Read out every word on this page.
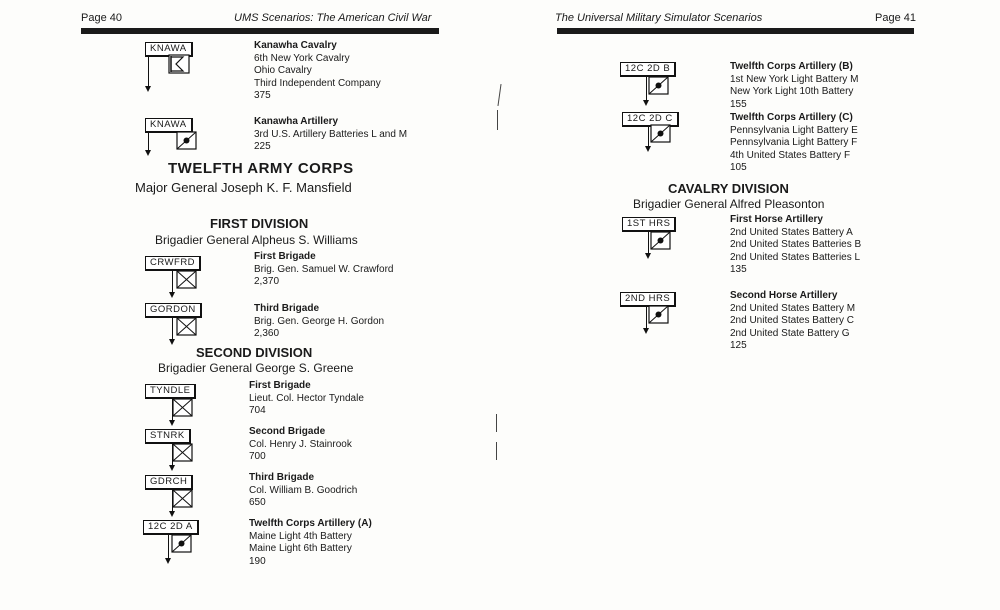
Page 40	UMS Scenarios: The American Civil War
KNAWA	Kanawha Cavalry
6th New York Cavalry
Ohio Cavalry
Third Independent Company
375
KNAWA	Kanawha Artillery
3rd U.S. Artillery Batteries L and M
225
TWELFTH ARMY CORPS
Major General Joseph K. F. Mansfield
FIRST DIVISION
Brigadier General Alpheus S. Williams
CRWFRD
First Brigade
Brig. Gen. Samuel W. Crawford
2,370
GORDON	Third Brigade
Brig. Gen. George H. Gordon
2,360
SECOND DIVISION
Brigadier General George S. Greene
TYNDLE	First Brigade
Lieut. Col. Hector Tyndale
704
STNRK	Second Brigade
Col. Henry J. Stainrook
700
GDRCH	Third Brigade
Col. William B. Goodrich
650
12C 2D A	Twelfth Corps Artillery (A)
Maine Light 4th Battery
Maine Light 6th Battery
190
The Universal Military Simulator Scenarios	Page 41
12C 2D B	Twelfth Corps Artillery (B)
1st New York Light Battery M
New York Light 10th Battery
155
12C 2D C	Twelfth Corps Artillery (C)
Pennsylvania Light Battery E
Pennsylvania Light Battery F
4th United States Battery F
105
CAVALRY DIVISION
Brigadier General Alfred Pleasonton
1ST HRS	First Horse Artillery
2nd United States Battery A
2nd United States Batteries B
2nd United States Batteries L
135
2ND HRS	Second Horse Artillery
2nd United States Battery M
2nd United States Battery C
2nd United State Battery G
125
